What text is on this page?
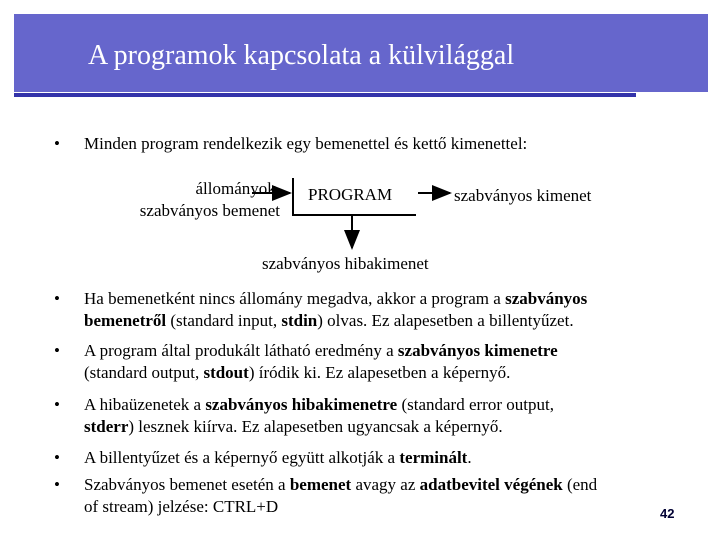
A programok kapcsolata a külvilággal
• Minden program rendelkezik egy bemenettel és kettő kimenettel:
állományok,
szabványos bemenet
PROGRAM	szabványos kimenet
szabványos hibakimenet
• Ha bemenetként nincs állomány megadva, akkor a program a szabványos
bemenetről (standard input, stdin) olvas. Ez alapesetben a billentyűzet.
• A program által produkált látható eredmény a szabványos kimenetre
(standard output, stdout) íródik ki. Ez alapesetben a képernyő.
• A hibaüzenetek a szabványos hibakimenetre (standard error output,
stderr) lesznek kiírva. Ez alapesetben ugyancsak a képernyő.
• A billentyűzet és a képernyő együtt alkotják a terminált.
• Szabványos bemenet esetén a bemenet avagy az adatbevitel végének (end
of stream) jelzése: CTRL+D	42
